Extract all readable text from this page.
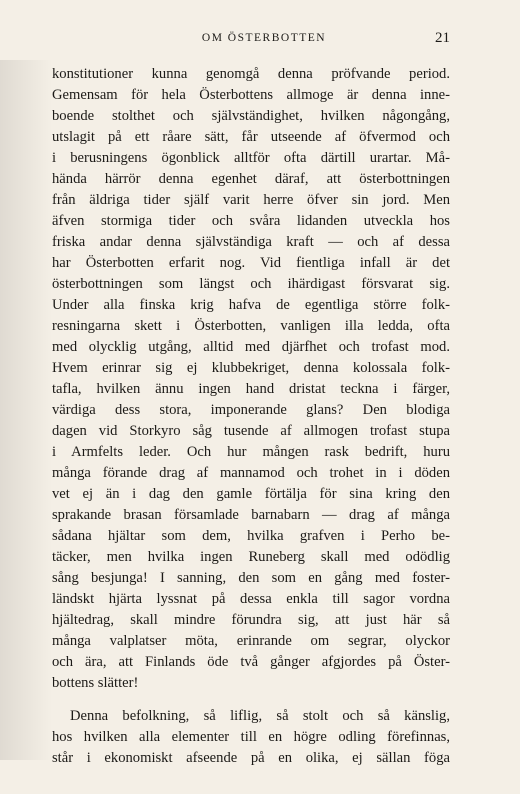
OM ÖSTERBOTTEN	21
konstitutioner kunna genomgå denna pröfvande period.
Gemensam för hela Österbottens allmoge är denna inne-
boende stolthet och självständighet, hvilken någongång,
utslagit på ett råare sätt, får utseende af öfvermod och
i berusningens ögonblick alltför ofta därtill urartar. Må-
hända härrör denna egenhet däraf, att österbottningen
från äldriga tider själf varit herre öfver sin jord. Men
äfven stormiga tider och svåra lidanden utveckla hos
friska andar denna självständiga kraft — och af dessa
har Österbotten erfarit nog. Vid fientliga infall är det
österbottningen som längst och ihärdigast försvarat sig.
Under alla finska krig hafva de egentliga större folk-
resningarna skett i Österbotten, vanligen illa ledda, ofta
med olycklig utgång, alltid med djärfhet och trofast mod.
Hvem erinrar sig ej klubbekriget, denna kolossala folk-
tafla, hvilken ännu ingen hand dristat teckna i färger,
värdiga dess stora, imponerande glans? Den blodiga
dagen vid Storkyro såg tusende af allmogen trofast stupa
i Armfelts leder. Och hur mången rask bedrift, huru
många förande drag af mannamod och trohet in i döden
vet ej än i dag den gamle förtälja för sina kring den
sprakande brasan församlade barnabarn — drag af många
sådana hjältar som dem, hvilka grafven i Perho be-
täcker, men hvilka ingen Runeberg skall med odödlig
sång besjunga! I sanning, den som en gång med foster-
ländskt hjärta lyssnat på dessa enkla till sagor vordna
hjältedrag, skall mindre förundra sig, att just här så
många valplatser möta, erinrande om segrar, olyckor
och ära, att Finlands öde två gånger afgjordes på Öster-
bottens slätter!
Denna befolkning, så liflig, så stolt och så känslig,
hos hvilken alla elementer till en högre odling förefinnas,
står i ekonomiskt afseende på en olika, ej sällan föga
